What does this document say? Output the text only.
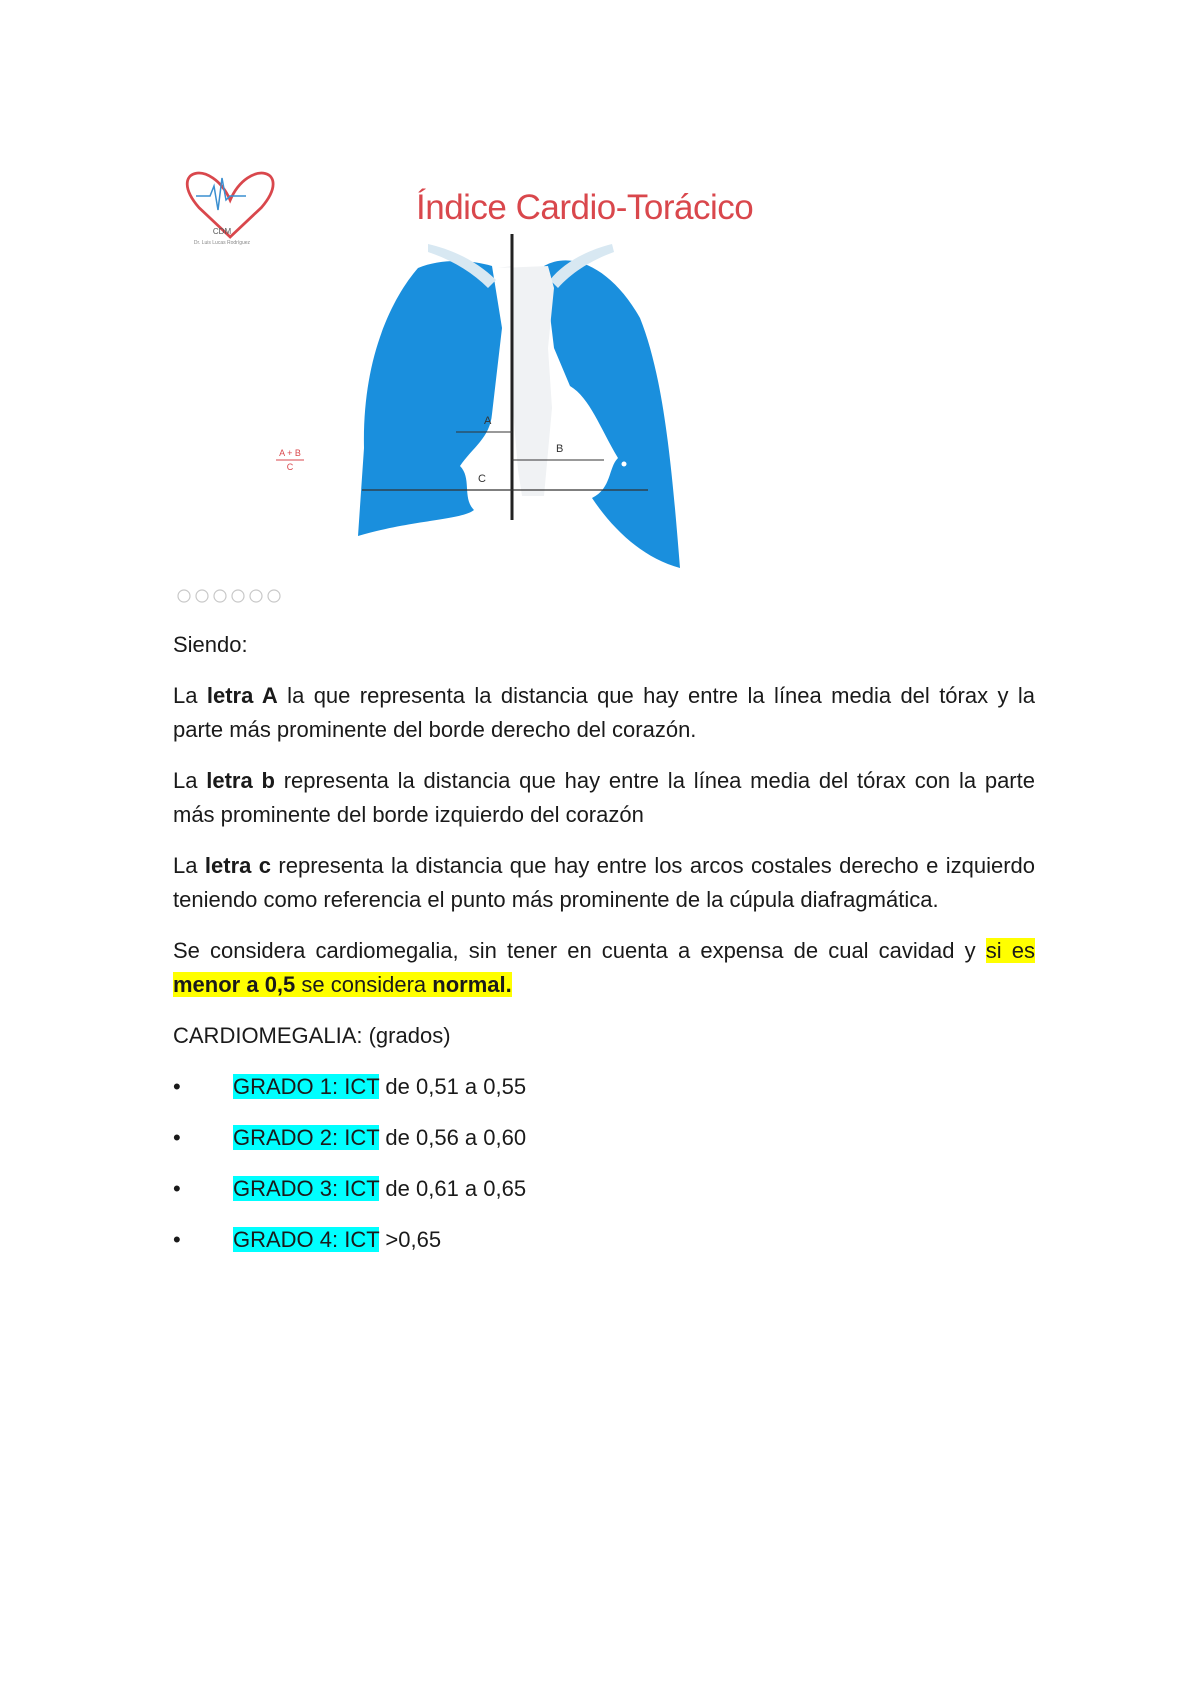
CDM
Dr. Luis Lucas Rodríguez
A
B
C
A + B
C
Índice Cardio-Torácico

Siendo:

La letra A la que representa la distancia que hay entre la línea media del tórax y la parte más prominente del borde derecho del corazón.

La letra b representa la distancia que hay entre la línea media del tórax con la parte más prominente del borde izquierdo del corazón

La letra c representa la distancia que hay entre los arcos costales derecho e izquierdo teniendo como referencia el punto más prominente de la cúpula diafragmática.

Se considera cardiomegalia, sin tener en cuenta a expensa de cual cavidad y si es menor a 0,5 se considera normal.

CARDIOMEGALIA: (grados)

•	GRADO 1: ICT de 0,51 a 0,55
•	GRADO 2: ICT de 0,56 a 0,60
•	GRADO 3: ICT de 0,61 a 0,65
•	GRADO 4: ICT >0,65
